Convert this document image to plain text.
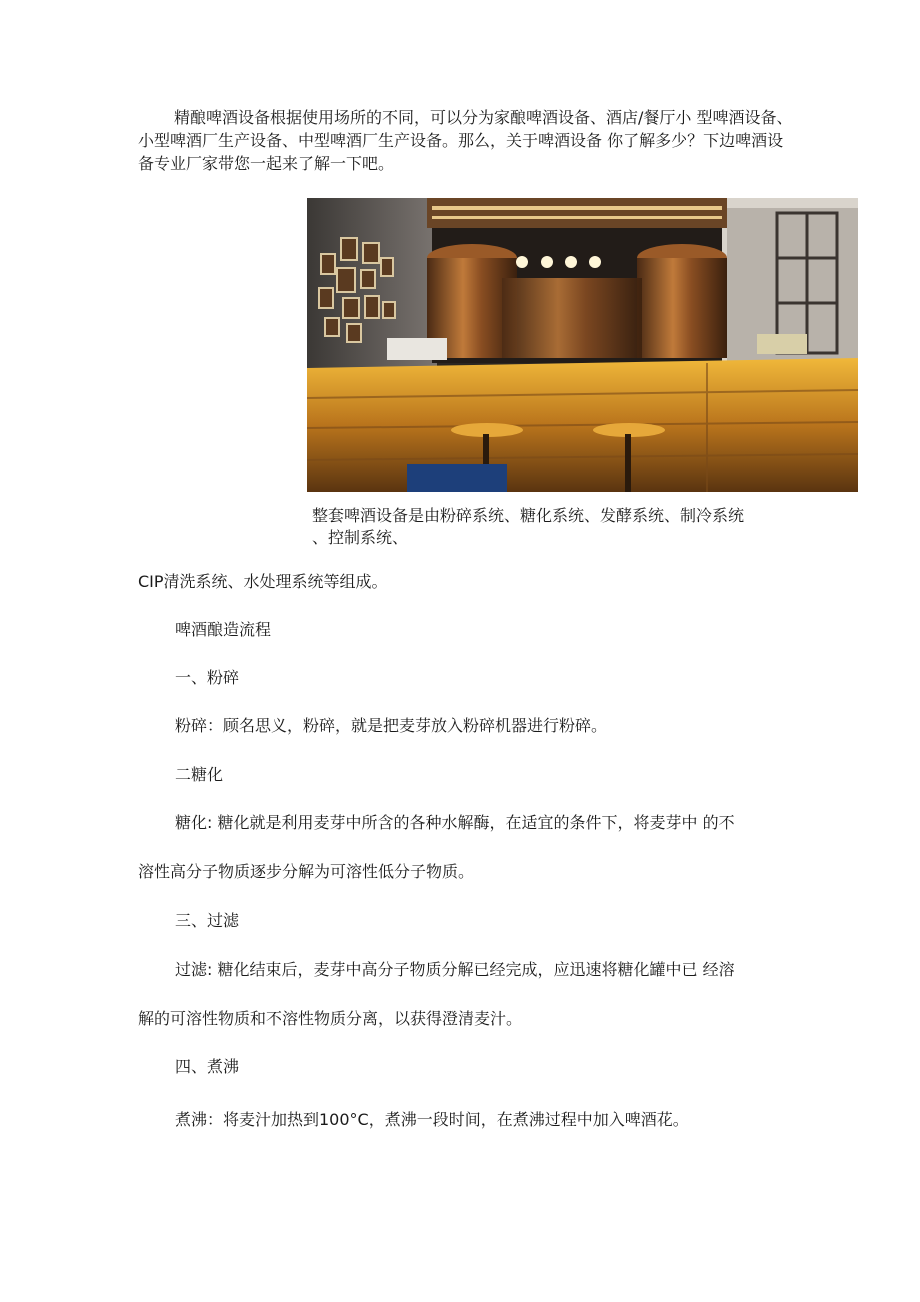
精酿啤酒设备根据使用场所的不同，可以分为家酿啤酒设备、酒店/餐厅小 型啤酒设备、小型啤酒厂生产设备、中型啤酒厂生产设备。那么，关于啤酒设备 你了解多少？下边啤酒设备专业厂家带您一起来了解一下吧。

整套啤酒设备是由粉碎系统、糖化系统、发酵系统、制冷系统
、控制系统、

CIP清洗系统、水处理系统等组成。

啤酒酿造流程

一、粉碎

粉碎：顾名思义，粉碎，就是把麦芽放入粉碎机器进行粉碎。

二糖化

糖化: 糖化就是利用麦芽中所含的各种水解酶，在适宜的条件下，将麦芽中 的不

溶性高分子物质逐步分解为可溶性低分子物质。

三、过滤

过滤: 糖化结束后，麦芽中高分子物质分解已经完成，应迅速将糖化罐中已 经溶

解的可溶性物质和不溶性物质分离，以获得澄清麦汁。

四、煮沸

煮沸：将麦汁加热到100°C，煮沸一段时间，在煮沸过程中加入啤酒花。
